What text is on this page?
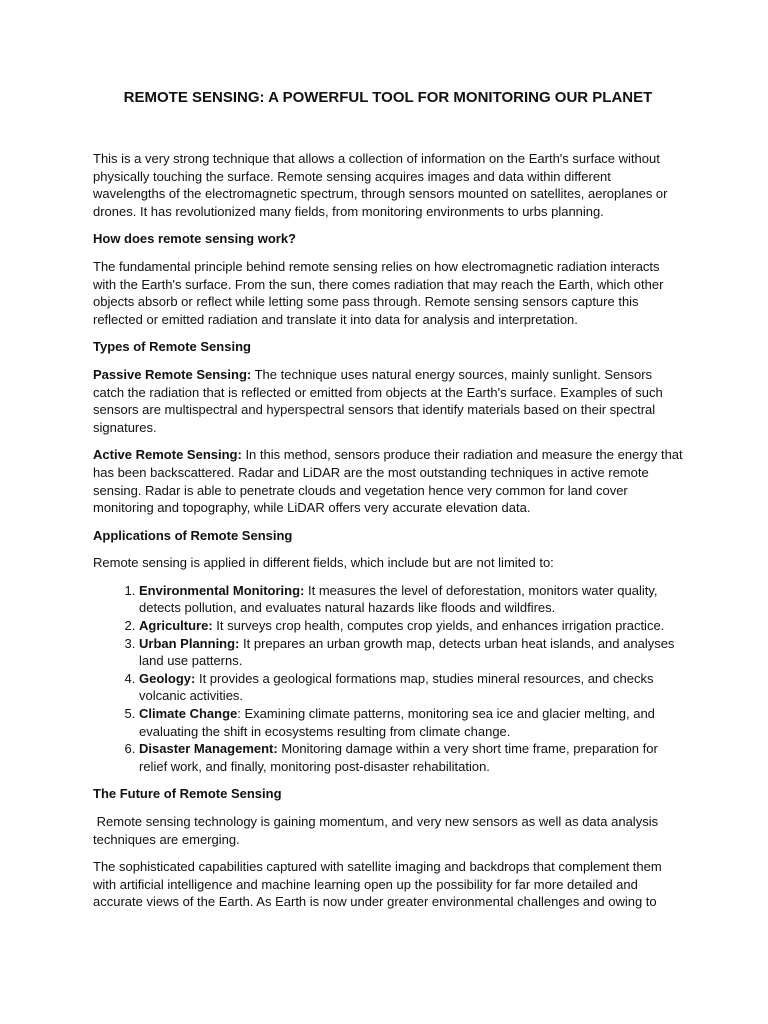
REMOTE SENSING: A POWERFUL TOOL FOR MONITORING OUR PLANET

This is a very strong technique that allows a collection of information on the Earth's surface without physically touching the surface. Remote sensing acquires images and data within different wavelengths of the electromagnetic spectrum, through sensors mounted on satellites, aeroplanes or drones. It has revolutionized many fields, from monitoring environments to urbs planning.

How does remote sensing work?

The fundamental principle behind remote sensing relies on how electromagnetic radiation interacts with the Earth's surface. From the sun, there comes radiation that may reach the Earth, which other objects absorb or reflect while letting some pass through. Remote sensing sensors capture this reflected or emitted radiation and translate it into data for analysis and interpretation.

Types of Remote Sensing

Passive Remote Sensing: The technique uses natural energy sources, mainly sunlight. Sensors catch the radiation that is reflected or emitted from objects at the Earth's surface. Examples of such sensors are multispectral and hyperspectral sensors that identify materials based on their spectral signatures.

Active Remote Sensing: In this method, sensors produce their radiation and measure the energy that has been backscattered. Radar and LiDAR are the most outstanding techniques in active remote sensing. Radar is able to penetrate clouds and vegetation hence very common for land cover monitoring and topography, while LiDAR offers very accurate elevation data.

Applications of Remote Sensing

Remote sensing is applied in different fields, which include but are not limited to:

1. Environmental Monitoring: It measures the level of deforestation, monitors water quality, detects pollution, and evaluates natural hazards like floods and wildfires.
2. Agriculture: It surveys crop health, computes crop yields, and enhances irrigation practice.
3. Urban Planning: It prepares an urban growth map, detects urban heat islands, and analyses land use patterns.
4. Geology: It provides a geological formations map, studies mineral resources, and checks volcanic activities.
5. Climate Change: Examining climate patterns, monitoring sea ice and glacier melting, and evaluating the shift in ecosystems resulting from climate change.
6. Disaster Management: Monitoring damage within a very short time frame, preparation for relief work, and finally, monitoring post-disaster rehabilitation.
The Future of Remote Sensing

Remote sensing technology is gaining momentum, and very new sensors as well as data analysis techniques are emerging.

The sophisticated capabilities captured with satellite imaging and backdrops that complement them with artificial intelligence and machine learning open up the possibility for far more detailed and accurate views of the Earth. As Earth is now under greater environmental challenges and owing to
